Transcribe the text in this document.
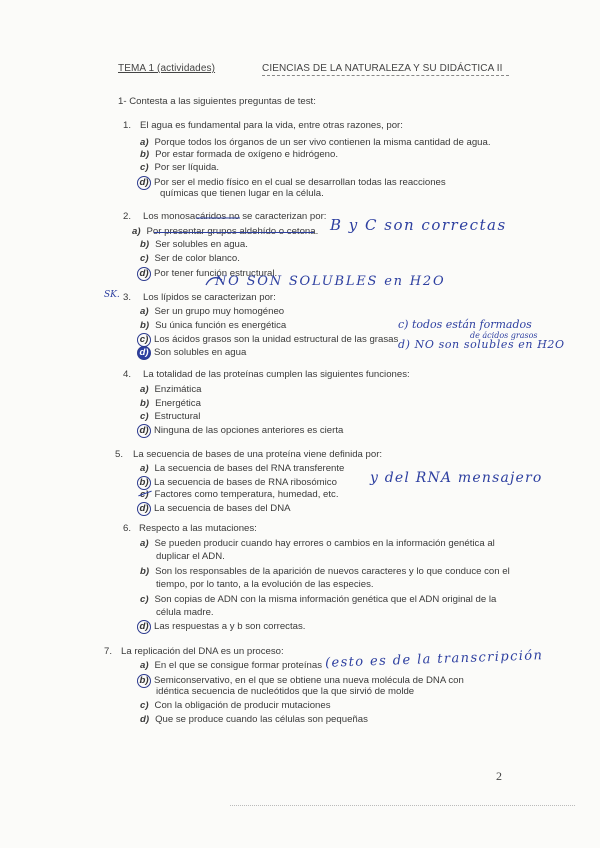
TEMA 1 (actividades)	CIENCIAS DE LA NATURALEZA Y SU DIDÁCTICA II
1- Contesta a las siguientes preguntas de test:
1. El agua es fundamental para la vida, entre otras razones, por:
a) Porque todos los órganos de un ser vivo contienen la misma cantidad de agua.
b) Por estar formada de oxígeno e hidrógeno.
c) Por ser líquida.
d) Por ser el medio físico en el cual se desarrollan todas las reacciones
químicas que tienen lugar en la célula.
2. Los monosacáridos no se caracterizan por:
a) Por presentar grupos aldehído o cetona.
b) Ser solubles en agua.
c) Ser de color blanco.
d) Por tener función estructural.
B y C son correctas
NO SON SOLUBLES en H2O
SK. 3. Los lípidos se caracterizan por:
a) Ser un grupo muy homogéneo
b) Su única función es energética
c) Los ácidos grasos son la unidad estructural de las grasas
d) Son solubles en agua
c) todos están formados
de ácidos grasos
d) NO son solubles en H2O
4. La totalidad de las proteínas cumplen las siguientes funciones:
a) Enzimática
b) Energética
c) Estructural
d) Ninguna de las opciones anteriores es cierta
5. La secuencia de bases de una proteína viene definida por:
a) La secuencia de bases del RNA transferente
b) La secuencia de bases de RNA ribosómico
c) Factores como temperatura, humedad, etc.
d) La secuencia de bases del DNA
y del RNA mensajero
6. Respecto a las mutaciones:
a) Se pueden producir cuando hay errores o cambios en la información genética al
duplicar el ADN.
b) Son los responsables de la aparición de nuevos caracteres y lo que conduce con el
tiempo, por lo tanto, a la evolución de las especies.
c) Son copias de ADN con la misma información genética que el ADN original de la
célula madre.
d) Las respuestas a y b son correctas.
7. La replicación del DNA es un proceso:
a) En el que se consigue formar proteínas
b) Semiconservativo, en el que se obtiene una nueva molécula de DNA con
idéntica secuencia de nucleótidos que la que sirvió de molde
c) Con la obligación de producir mutaciones
d) Que se produce cuando las células son pequeñas
(esto es de la transcripción
2
